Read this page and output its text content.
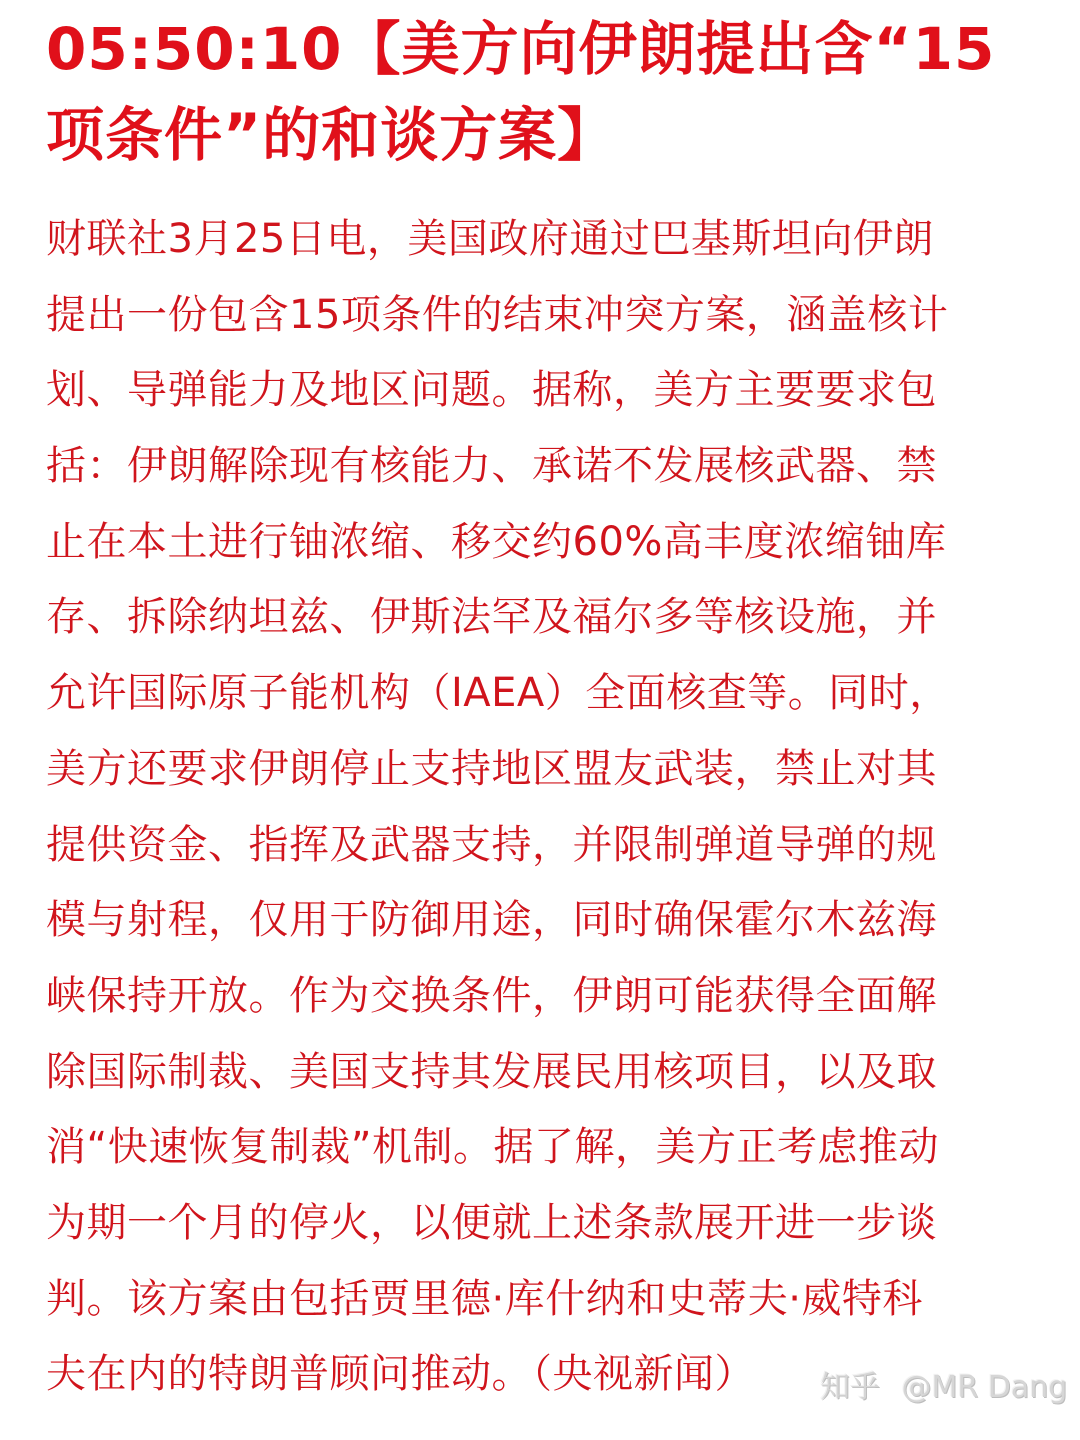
05:50:10【美方向伊朗提出含“15
项条件”的和谈方案】
财联社3月25日电，美国政府通过巴基斯坦向伊朗
提出一份包含15项条件的结束冲突方案，涵盖核计
划、导弹能力及地区问题。据称，美方主要要求包
括：伊朗解除现有核能力、承诺不发展核武器、禁
止在本土进行铀浓缩、移交约60%高丰度浓缩铀库
存、拆除纳坦兹、伊斯法罕及福尔多等核设施，并
允许国际原子能机构（IAEA）全面核查等。同时，
美方还要求伊朗停止支持地区盟友武装，禁止对其
提供资金、指挥及武器支持，并限制弹道导弹的规
模与射程，仅用于防御用途，同时确保霍尔木兹海
峡保持开放。作为交换条件，伊朗可能获得全面解
除国际制裁、美国支持其发展民用核项目，以及取
消“快速恢复制裁”机制。据了解，美方正考虑推动
为期一个月的停火，以便就上述条款展开进一步谈
判。该方案由包括贾里德·库什纳和史蒂夫·威特科
夫在内的特朗普顾问推动。（央视新闻）	知乎 @MR Dang
